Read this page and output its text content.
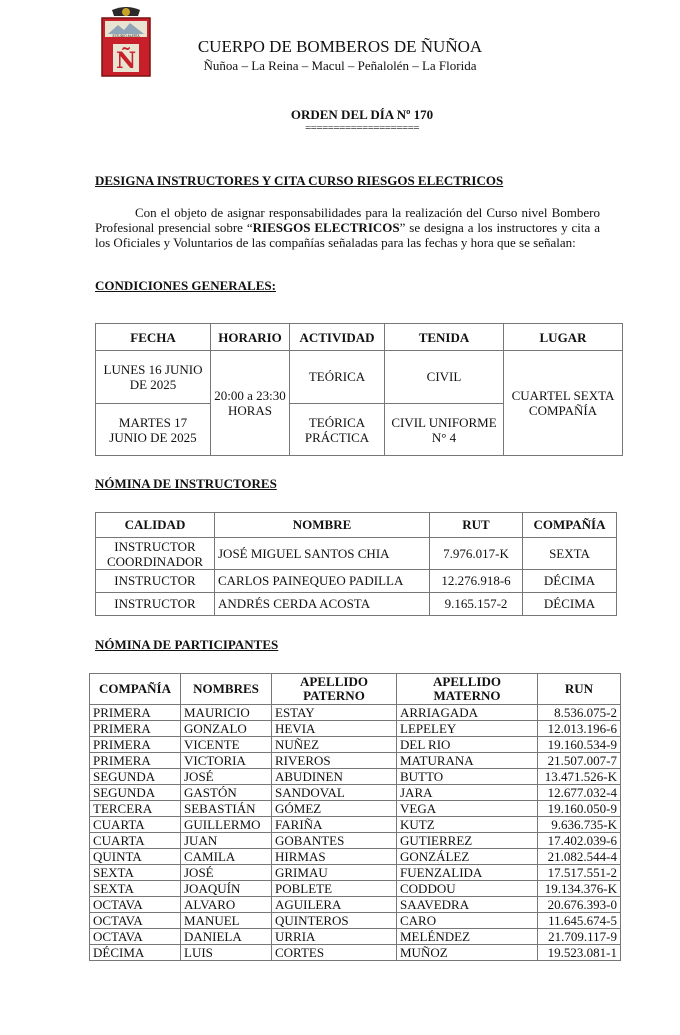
ESTUDIO ALERTA
Ñ
CUERPO DE BOMBEROS DE ÑUÑOA
Ñuñoa – La Reina – Macul – Peñalolén – La Florida
ORDEN DEL DÍA Nº 170
====================
DESIGNA INSTRUCTORES Y CITA CURSO RIESGOS ELECTRICOS
Con el objeto de asignar responsabilidades para la realización del Curso nivel Bombero Profesional presencial sobre “RIESGOS ELECTRICOS” se designa a los instructores y cita a los Oficiales y Voluntarios de las compañías señaladas para las fechas y hora que se señalan:
CONDICIONES GENERALES:
FECHA	HORARIO	ACTIVIDAD	TENIDA	LUGAR
LUNES 16 JUNIO DE 2025	20:00 a 23:30 HORAS	TEÓRICA	CIVIL	CUARTEL SEXTA COMPAÑÍA
MARTES 17 JUNIO DE 2025		TEÓRICA PRÁCTICA	CIVIL UNIFORME N° 4	
NÓMINA DE INSTRUCTORES
CALIDAD	NOMBRE	RUT	COMPAÑÍA
INSTRUCTOR COORDINADOR	JOSÉ MIGUEL SANTOS CHIA	7.976.017-K	SEXTA
INSTRUCTOR	CARLOS PAINEQUEO PADILLA	12.276.918-6	DÉCIMA
INSTRUCTOR	ANDRÉS CERDA ACOSTA	9.165.157-2	DÉCIMA
NÓMINA DE PARTICIPANTES
COMPAÑÍA	NOMBRES	APELLIDO PATERNO	APELLIDO MATERNO	RUN
PRIMERA	MAURICIO	ESTAY	ARRIAGADA	8.536.075-2
PRIMERA	GONZALO	HEVIA	LEPELEY	12.013.196-6
PRIMERA	VICENTE	NUÑEZ	DEL RIO	19.160.534-9
PRIMERA	VICTORIA	RIVEROS	MATURANA	21.507.007-7
SEGUNDA	JOSÉ	ABUDINEN	BUTTO	13.471.526-K
SEGUNDA	GASTÓN	SANDOVAL	JARA	12.677.032-4
TERCERA	SEBASTIÁN	GÓMEZ	VEGA	19.160.050-9
CUARTA	GUILLERMO	FARIÑA	KUTZ	9.636.735-K
CUARTA	JUAN	GOBANTES	GUTIERREZ	17.402.039-6
QUINTA	CAMILA	HIRMAS	GONZÁLEZ	21.082.544-4
SEXTA	JOSÉ	GRIMAU	FUENZALIDA	17.517.551-2
SEXTA	JOAQUÍN	POBLETE	CODDOU	19.134.376-K
OCTAVA	ALVARO	AGUILERA	SAAVEDRA	20.676.393-0
OCTAVA	MANUEL	QUINTEROS	CARO	11.645.674-5
OCTAVA	DANIELA	URRIA	MELÉNDEZ	21.709.117-9
DÉCIMA	LUIS	CORTES	MUÑOZ	19.523.081-1
